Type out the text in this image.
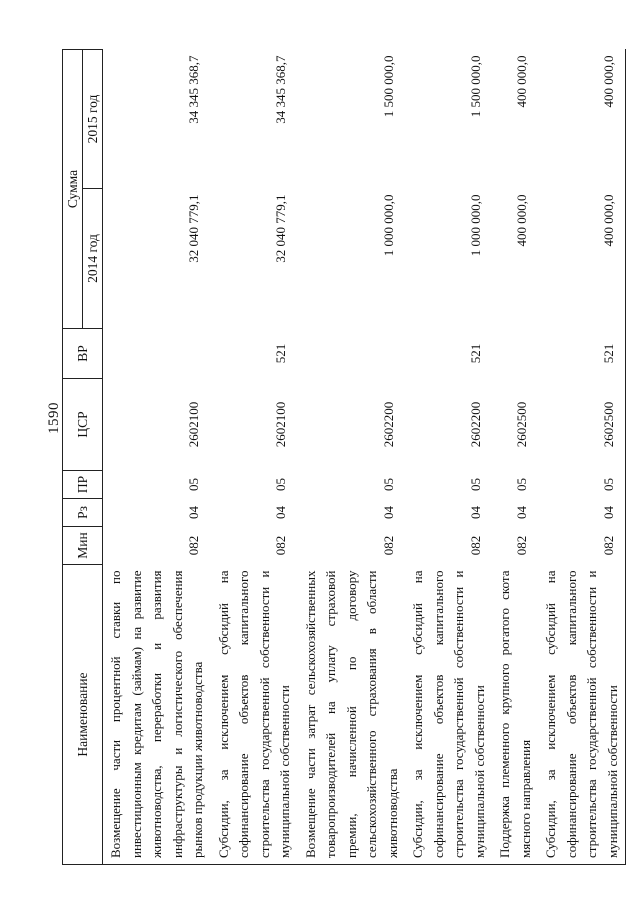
1590
Наименование	Мин	Рз	ПР	ЦСР	ВР	Сумма	
						2014 год	2015 год
Возмещение части процентной ставки по инвестиционным кредитам (займам) на развитие животноводства, переработки и развития инфраструктуры и логистического обеспечения рынков продукции животноводства	082	04	05	2602100		32 040 779,1	34 345 368,7
Субсидии, за исключением субсидий на софинансирование объектов капитального строительства государственной собственности и муниципальной собственности	082	04	05	2602100	521	32 040 779,1	34 345 368,7
Возмещение части затрат сельскохозяйственных товаропроизводителей на уплату страховой премии, начисленной по договору сельскохозяйственного страхования в области животноводства	082	04	05	2602200		1 000 000,0	1 500 000,0
Субсидии, за исключением субсидий на софинансирование объектов капитального строительства государственной собственности и муниципальной собственности	082	04	05	2602200	521	1 000 000,0	1 500 000,0
Поддержка племенного крупного рогатого скота мясного направления	082	04	05	2602500		400 000,0	400 000,0
Субсидии, за исключением субсидий на софинансирование объектов капитального строительства государственной собственности и муниципальной собственности	082	04	05	2602500	521	400 000,0	400 000,0
